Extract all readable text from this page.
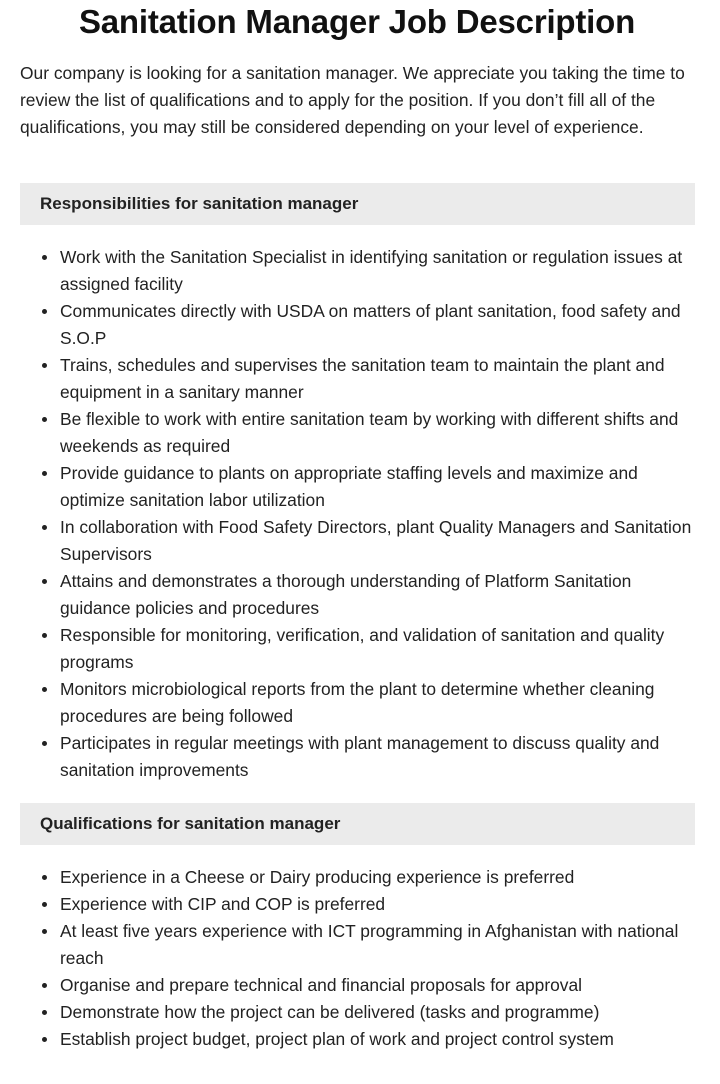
Sanitation Manager Job Description

Our company is looking for a sanitation manager. We appreciate you taking the time to review the list of qualifications and to apply for the position. If you don’t fill all of the qualifications, you may still be considered depending on your level of experience.

Responsibilities for sanitation manager
Work with the Sanitation Specialist in identifying sanitation or regulation issues at assigned facility
Communicates directly with USDA on matters of plant sanitation, food safety and S.O.P
Trains, schedules and supervises the sanitation team to maintain the plant and equipment in a sanitary manner
Be flexible to work with entire sanitation team by working with different shifts and weekends as required
Provide guidance to plants on appropriate staffing levels and maximize and optimize sanitation labor utilization
In collaboration with Food Safety Directors, plant Quality Managers and Sanitation Supervisors
Attains and demonstrates a thorough understanding of Platform Sanitation guidance policies and procedures
Responsible for monitoring, verification, and validation of sanitation and quality programs
Monitors microbiological reports from the plant to determine whether cleaning procedures are being followed
Participates in regular meetings with plant management to discuss quality and sanitation improvements
Qualifications for sanitation manager
Experience in a Cheese or Dairy producing experience is preferred
Experience with CIP and COP is preferred
At least five years experience with ICT programming in Afghanistan with national reach
Organise and prepare technical and financial proposals for approval
Demonstrate how the project can be delivered (tasks and programme)
Establish project budget, project plan of work and project control system
